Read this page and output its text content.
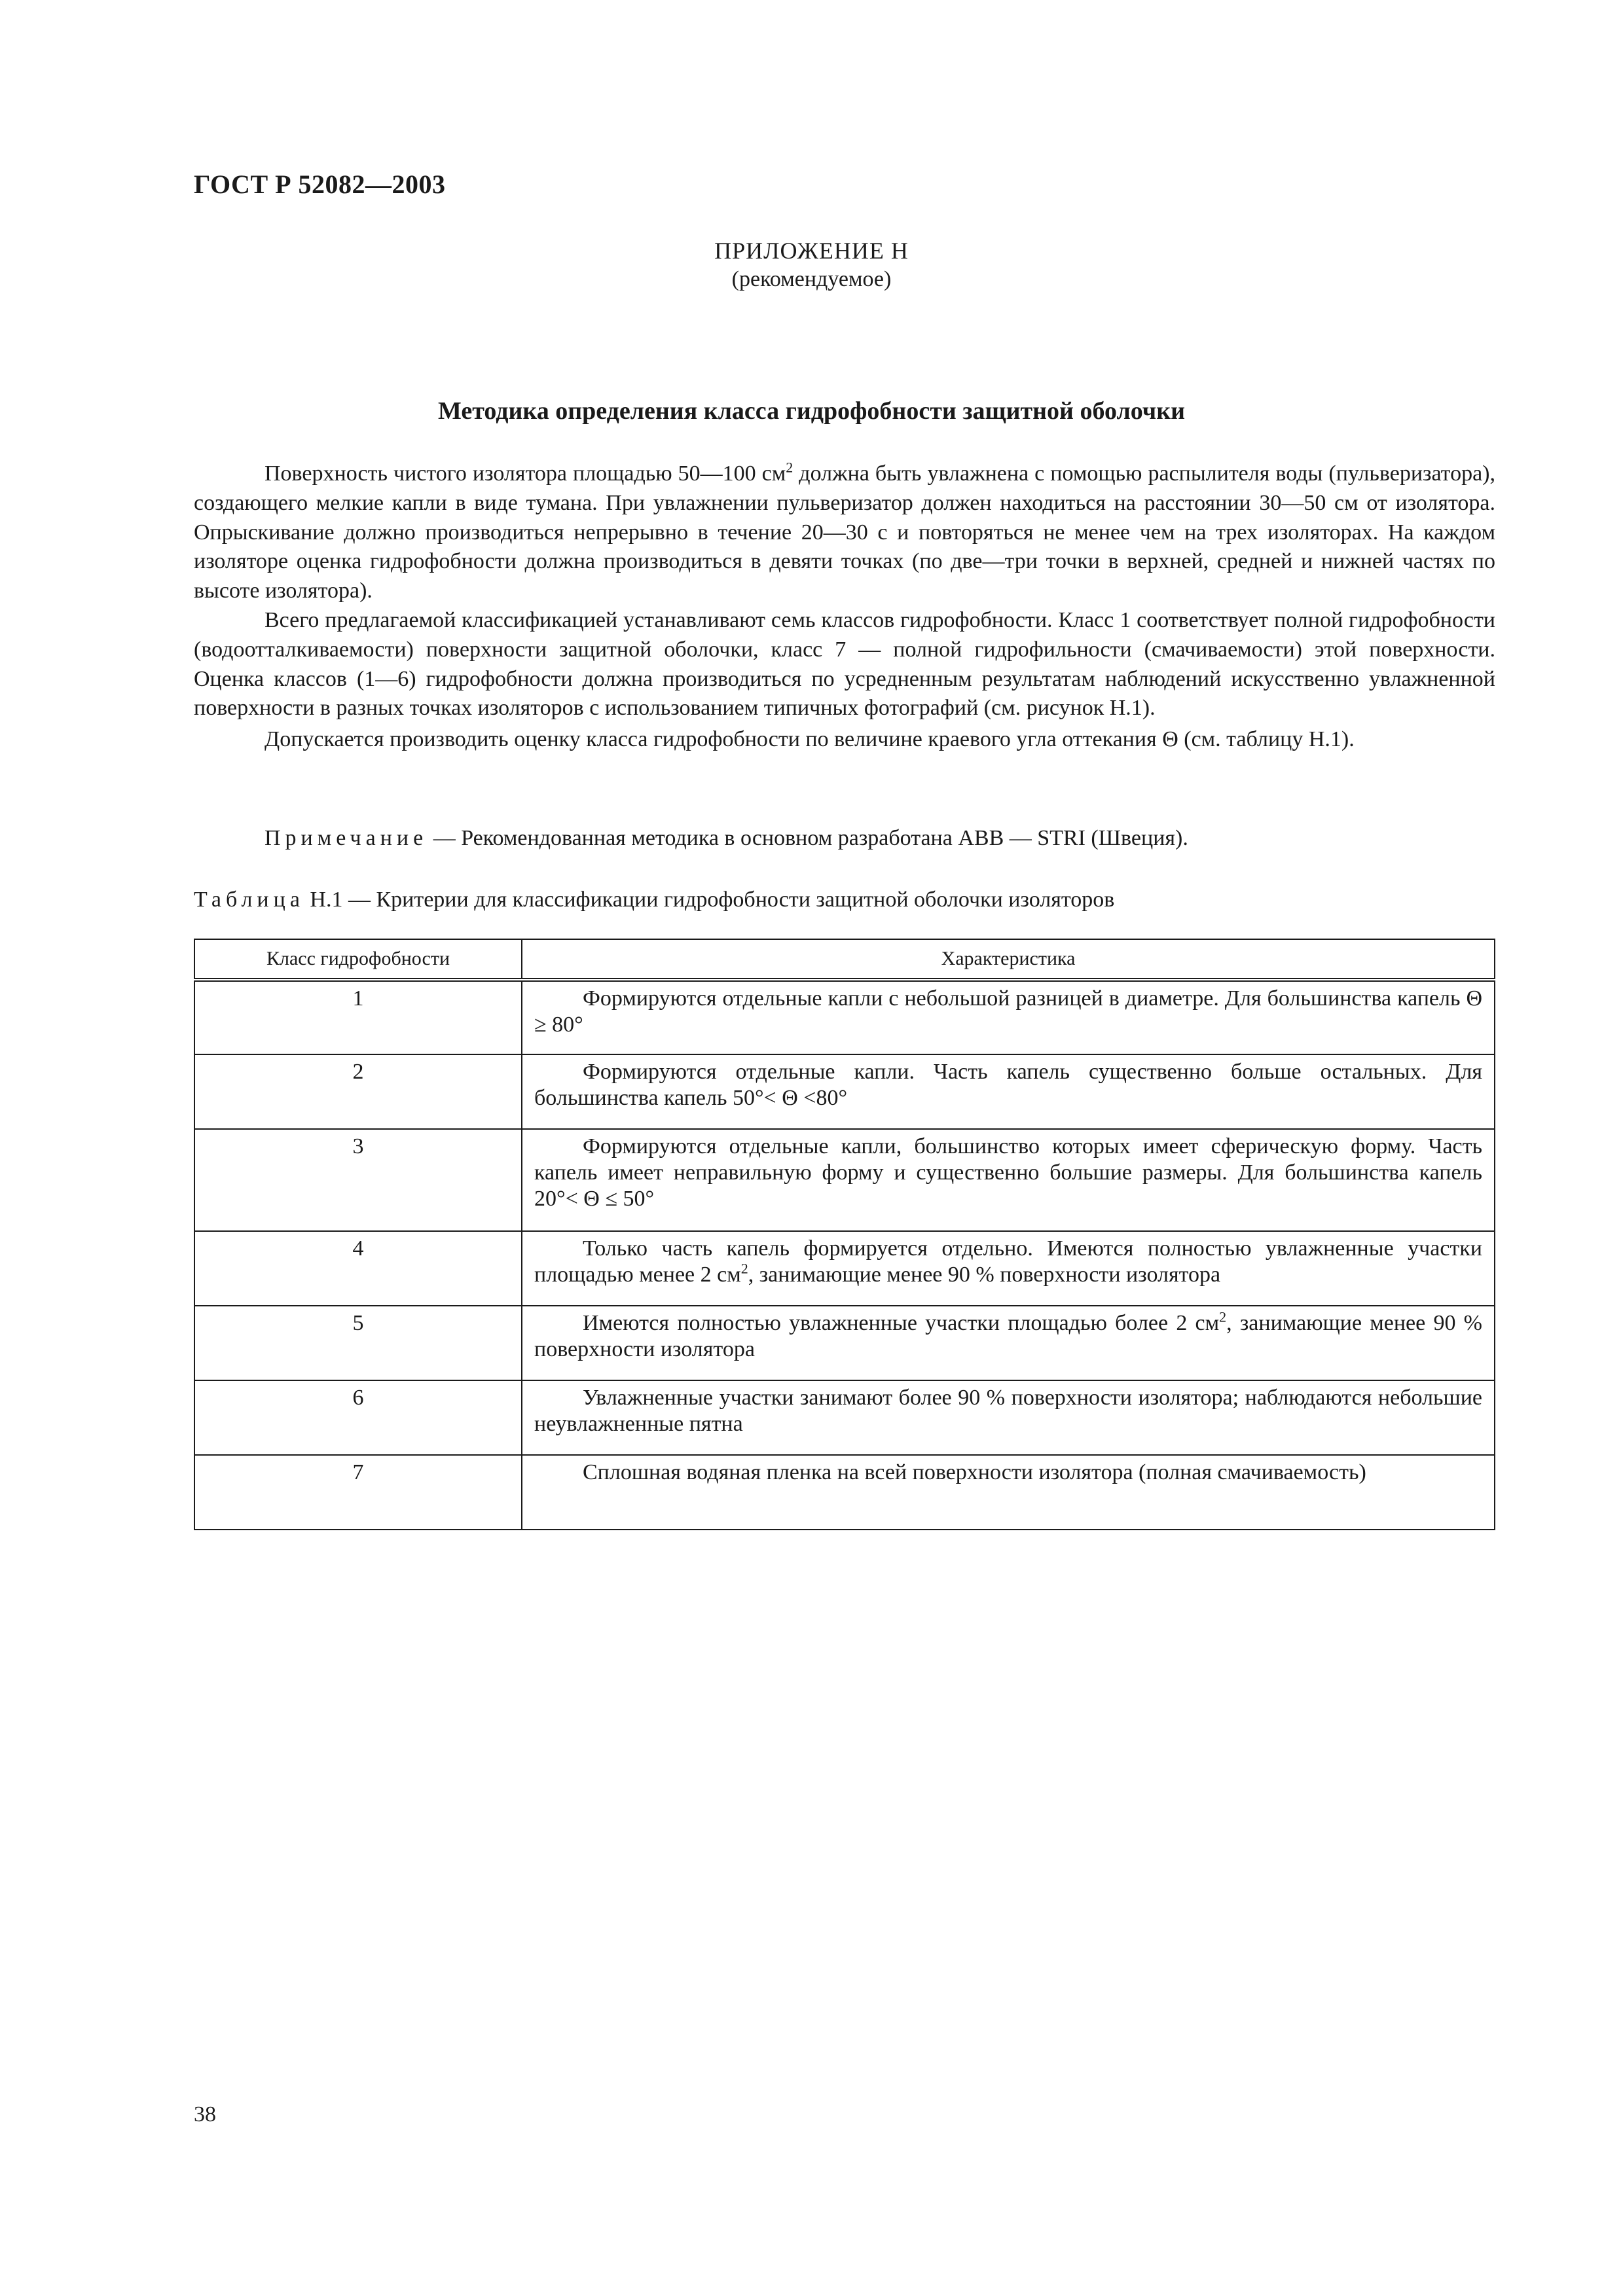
ГОСТ Р 52082—2003
ПРИЛОЖЕНИЕ Н
(рекомендуемое)
Методика определения класса гидрофобности защитной оболочки

Поверхность чистого изолятора площадью 50—100 $см^2$ должна быть увлажнена с помощью распылителя воды (пульверизатора), создающего мелкие капли в виде тумана. При увлажнении пульверизатор должен находиться на расстоянии 30—50 см от изолятора. Опрыскивание должно производиться непрерывно в течение 20—30 с и повторяться не менее чем на трех изоляторах. На каждом изоляторе оценка гидрофобности должна производиться в девяти точках (по две—три точки в верхней, средней и нижней частях по высоте изолятора).

Всего предлагаемой классификацией устанавливают семь классов гидрофобности. Класс 1 соответствует полной гидрофобности (водоотталкиваемости) поверхности защитной оболочки, класс 7 — полной гидрофильности (смачиваемости) этой поверхности. Оценка классов (1—6) гидрофобности должна производиться по усредненным результатам наблюдений искусственно увлажненной поверхности в разных точках изоляторов с использованием типичных фотографий (см. рисунок Н.1).

Допускается производить оценку класса гидрофобности по величине краевого угла оттекания Θ (см. таблицу Н.1).

Примечание — Рекомендованная методика в основном разработана АВВ — STRI (Швеция).
Таблица Н.1 — Критерии для классификации гидрофобности защитной оболочки изоляторов
Класс гидрофобности	Характеристика
1	Формируются отдельные капли с небольшой разницей в диаметре. Для большинства капель Θ ≥ 80°

2	Формируются отдельные капли. Часть капель существенно больше остальных. Для большинства капель 50°< Θ <80°

3	Формируются отдельные капли, большинство которых имеет сферическую форму. Часть капель имеет неправильную форму и существенно большие размеры. Для большинства капель 20°< Θ ≤ 50°

4	Только часть капель формируется отдельно. Имеются полностью увлажненные участки площадью менее 2 $см^2$, занимающие менее 90 % поверхности изолятора

5	Имеются полностью увлажненные участки площадью более 2 $см^2$, занимающие менее 90 % поверхности изолятора

6	Увлажненные участки занимают более 90 % поверхности изолятора; наблюдаются небольшие неувлажненные пятна

7	Сплошная водяная пленка на всей поверхности изолятора (полная смачиваемость)
38
